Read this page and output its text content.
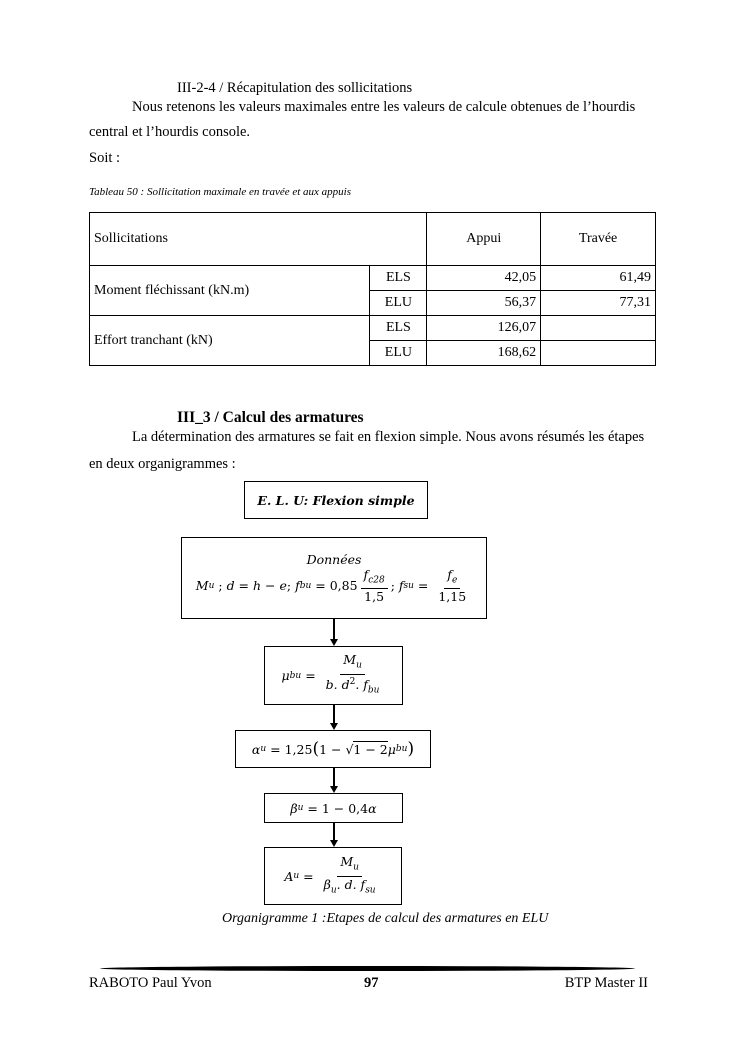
III-2-4 / Récapitulation des sollicitations
Nous retenons les valeurs maximales entre les valeurs de calcule obtenues de l’hourdis
central et l’hourdis console.
Soit :
Tableau 50 : Sollicitation maximale en travée et aux appuis
Sollicitations		Appui	Travée
Moment fléchissant (kN.m)	ELS	42,05	61,49
	ELU	56,37	77,31
Effort tranchant (kN)	ELS	126,07	
	ELU	168,62	
III_3 / Calcul des armatures
La détermination des armatures se fait en flexion simple. Nous avons résumés les étapes
en deux organigrammes :
E. L. U: Flexion simple
Données
M u
; d = h − e ; f bu = $0,85 \frac{f_{c28}}{1,5}$ ; f su = $\frac{f_e}{1,15}$
μ bu = $\frac{M_u}{b. d^2. f_{bu}}$
α u = 1,25 ( 1 − √ 1 − 2 μ bu )
β u = 1 − 0,4 α
A $u = \frac{M_u}{\beta_u. d. f_{su}}$
Organigramme 1 :Etapes de calcul des armatures en ELU
RABOTO Paul Yvon	97	BTP Master II
